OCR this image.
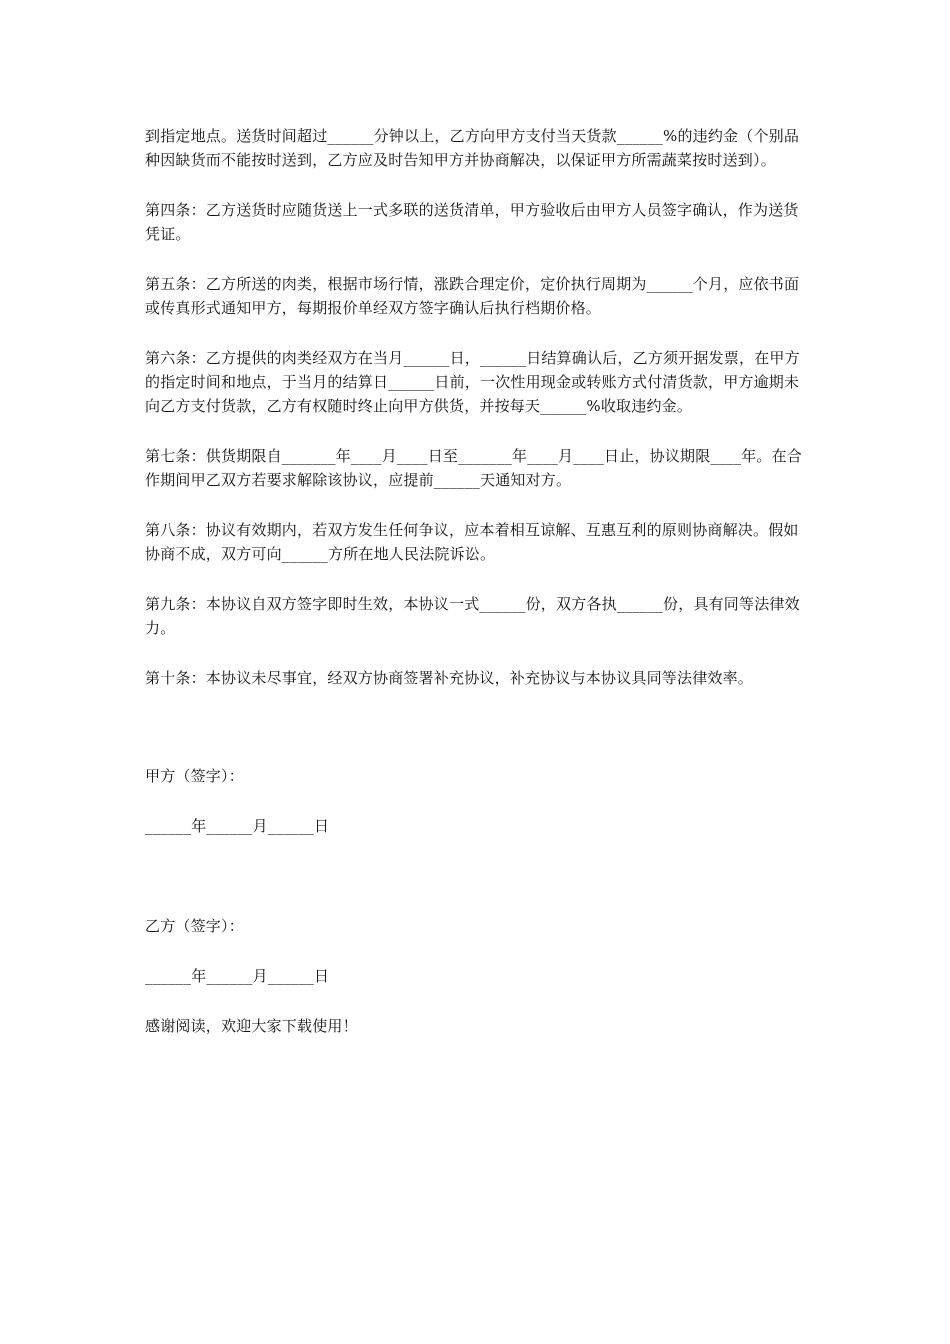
到指定地点。送货时间超过______分钟以上，乙方向甲方支付当天货款______%的违约金（个别品种因缺货而不能按时送到，乙方应及时告知甲方并协商解决，以保证甲方所需蔬菜按时送到）。

第四条：乙方送货时应随货送上一式多联的送货清单，甲方验收后由甲方人员签字确认，作为送货凭证。

第五条：乙方所送的肉类，根据市场行情，涨跌合理定价，定价执行周期为______个月，应依书面或传真形式通知甲方，每期报价单经双方签字确认后执行档期价格。

第六条：乙方提供的肉类经双方在当月______日，______日结算确认后，乙方须开据发票，在甲方的指定时间和地点，于当月的结算日______日前，一次性用现金或转账方式付清货款，甲方逾期未向乙方支付货款，乙方有权随时终止向甲方供货，并按每天______%收取违约金。

第七条：供货期限自_______年____月____日至_______年____月____日止，协议期限____年。在合作期间甲乙双方若要求解除该协议，应提前______天通知对方。

第八条：协议有效期内，若双方发生任何争议，应本着相互谅解、互惠互利的原则协商解决。假如协商不成，双方可向______方所在地人民法院诉讼。

第九条：本协议自双方签字即时生效，本协议一式______份，双方各执______份，具有同等法律效力。

第十条：本协议未尽事宜，经双方协商签署补充协议，补充协议与本协议具同等法律效率。

甲方（签字）：

______年______月______日

乙方（签字）：

______年______月______日

感谢阅读，欢迎大家下载使用！
